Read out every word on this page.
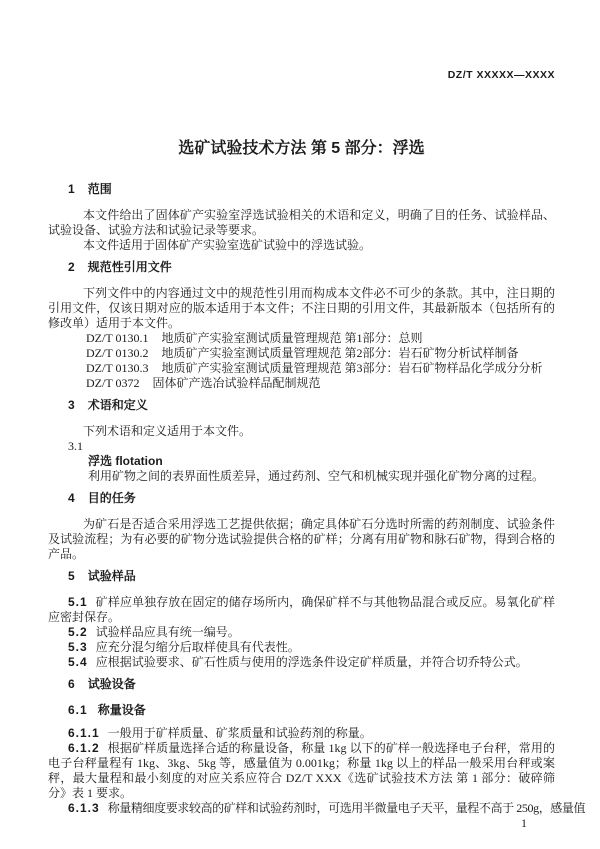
DZ/T XXXXX—XXXX
选矿试验技术方法 第 5 部分：浮选
1 范围

本文件给出了固体矿产实验室浮选试验相关的术语和定义，明确了目的任务、试验样品、试验设备、试验方法和试验记录等要求。

本文件适用于固体矿产实验室选矿试验中的浮选试验。

2 规范性引用文件

下列文件中的内容通过文中的规范性引用而构成本文件必不可少的条款。其中，注日期的引用文件，仅该日期对应的版本适用于本文件；不注日期的引用文件，其最新版本（包括所有的修改单）适用于本文件。

DZ/T 0130.1 地质矿产实验室测试质量管理规范 第1部分：总则

DZ/T 0130.2 地质矿产实验室测试质量管理规范 第2部分：岩石矿物分析试样制备

DZ/T 0130.3 地质矿产实验室测试质量管理规范 第3部分：岩石矿物样品化学成分分析

DZ/T 0372 固体矿产选冶试验样品配制规范

3 术语和定义

下列术语和定义适用于本文件。

3.1

浮选 flotation

利用矿物之间的表界面性质差异，通过药剂、空气和机械实现并强化矿物分离的过程。

4 目的任务

为矿石是否适合采用浮选工艺提供依据；确定具体矿石分选时所需的药剂制度、试验条件及试验流程；为有必要的矿物分选试验提供合格的矿样；分离有用矿物和脉石矿物，得到合格的产品。

5 试验样品

5.1 矿样应单独存放在固定的储存场所内，确保矿样不与其他物品混合或反应。易氧化矿样应密封保存。

5.2 试验样品应具有统一编号。

5.3 应充分混匀缩分后取样使具有代表性。

5.4 应根据试验要求、矿石性质与使用的浮选条件设定矿样质量，并符合切乔特公式。

6 试验设备
6.1 称量设备

6.1.1 一般用于矿样质量、矿浆质量和试验药剂的称量。

6.1.2 根据矿样质量选择合适的称量设备，称量 1kg 以下的矿样一般选择电子台秤，常用的电子台秤量程有 1kg、3kg、5kg 等，感量值为 0.001kg；称量 1kg 以上的样品一般采用台秤或案秤，最大量程和最小刻度的对应关系应符合 DZ/T XXX《选矿试验技术方法 第 1 部分：破碎筛分》表 1 要求。

6.1.3 称量精细度要求较高的矿样和试验药剂时，可选用半微量电子天平，量程不高于 250g，感量值

1
